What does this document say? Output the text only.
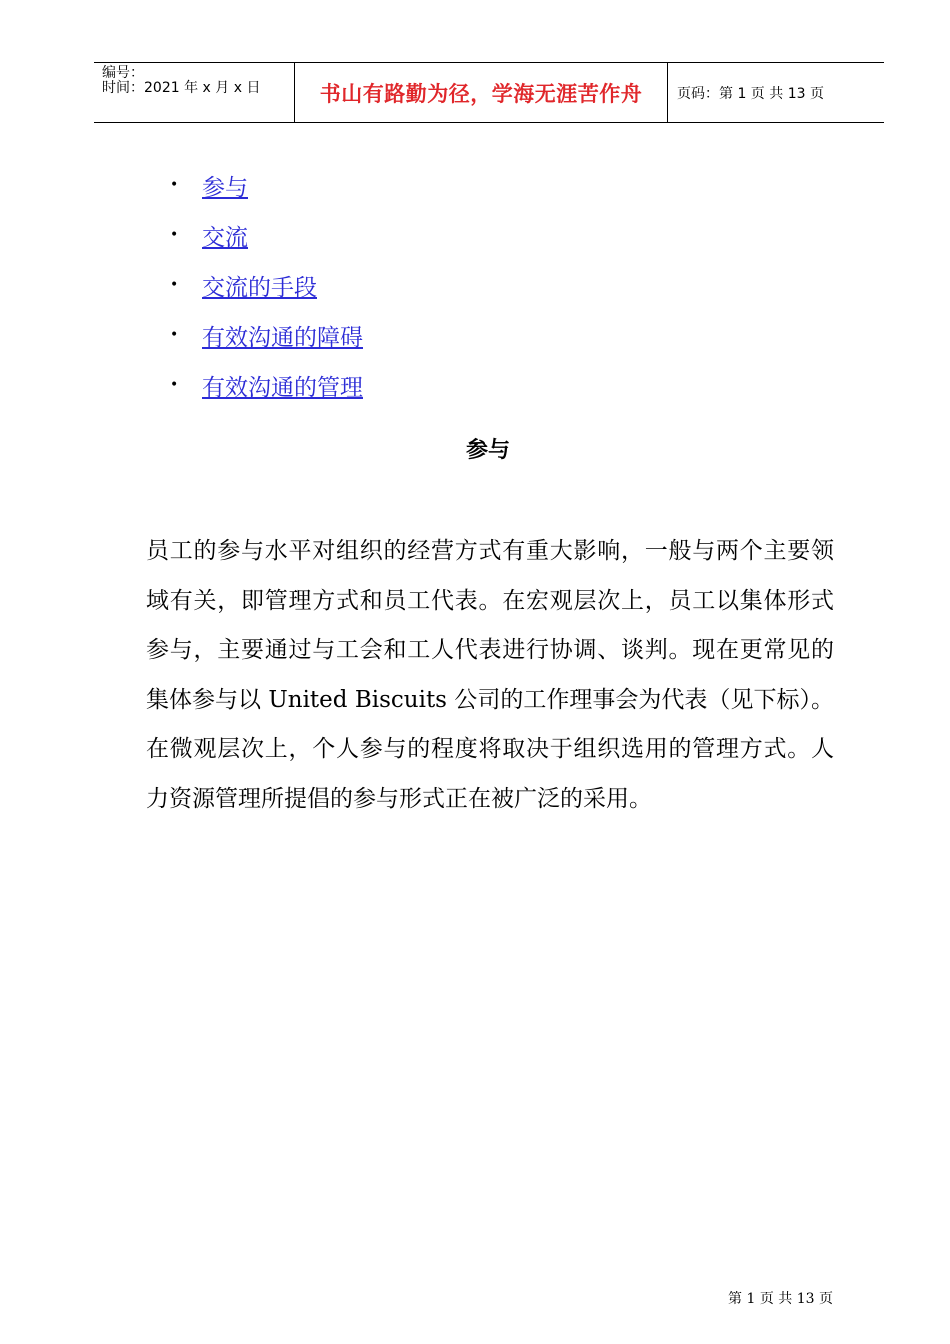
编号：
时间：2021 年 x 月 x 日	书山有路勤为径，学海无涯苦作舟	页码：第 1 页 共 13 页
•	参与
•	交流
•	交流的手段
•	有效沟通的障碍
•	有效沟通的管理
参与

员工的参与水平对组织的经营方式有重大影响，一般与两个主要领域有关，即管理方式和员工代表。在宏观层次上，员工以集体形式参与，主要通过与工会和工人代表进行协调、谈判。现在更常见的集体参与以 United Biscuits 公司的工作理事会为代表（见下标）。在微观层次上，个人参与的程度将取决于组织选用的管理方式。人力资源管理所提倡的参与形式正在被广泛的采用。

第 1 页 共 13 页
